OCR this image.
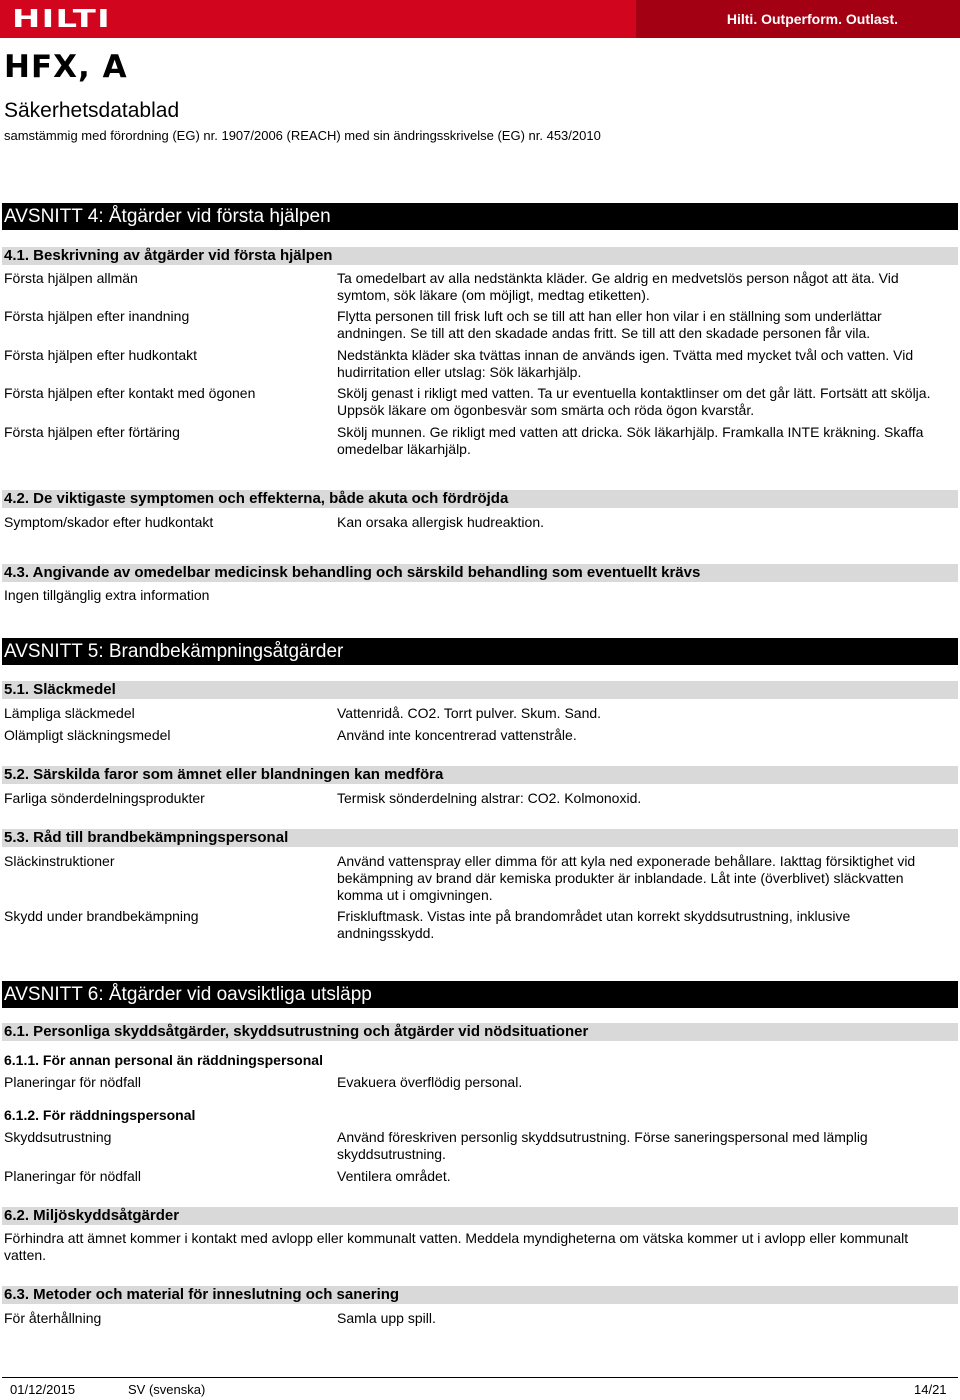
HILTI	Hilti. Outperform. Outlast.
HFX, A
Säkerhetsdatablad
samstämmig med förordning (EG) nr. 1907/2006 (REACH) med sin ändringsskrivelse (EG) nr. 453/2010
AVSNITT 4: Åtgärder vid första hjälpen
4.1. Beskrivning av åtgärder vid första hjälpen
Första hjälpen allmän	Ta omedelbart av alla nedstänkta kläder. Ge aldrig en medvetslös person något att äta. Vid symtom, sök läkare (om möjligt, medtag etiketten).
Första hjälpen efter inandning	Flytta personen till frisk luft och se till att han eller hon vilar i en ställning som underlättar andningen. Se till att den skadade andas fritt. Se till att den skadade personen får vila.
Första hjälpen efter hudkontakt	Nedstänkta kläder ska tvättas innan de används igen. Tvätta med mycket tvål och vatten. Vid hudirritation eller utslag: Sök läkarhjälp.
Första hjälpen efter kontakt med ögonen	Skölj genast i rikligt med vatten. Ta ur eventuella kontaktlinser om det går lätt. Fortsätt att skölja. Uppsök läkare om ögonbesvär som smärta och röda ögon kvarstår.
Första hjälpen efter förtäring	Skölj munnen. Ge rikligt med vatten att dricka. Sök läkarhjälp. Framkalla INTE kräkning. Skaffa omedelbar läkarhjälp.
4.2. De viktigaste symptomen och effekterna, både akuta och fördröjda
Symptom/skador efter hudkontakt	Kan orsaka allergisk hudreaktion.
4.3. Angivande av omedelbar medicinsk behandling och särskild behandling som eventuellt krävs
Ingen tillgänglig extra information
AVSNITT 5: Brandbekämpningsåtgärder
5.1. Släckmedel
Lämpliga släckmedel	Vattenridå. CO2. Torrt pulver. Skum. Sand.
Olämpligt släckningsmedel	Använd inte koncentrerad vattenstråle.
5.2. Särskilda faror som ämnet eller blandningen kan medföra
Farliga sönderdelningsprodukter	Termisk sönderdelning alstrar: CO2. Kolmonoxid.
5.3. Råd till brandbekämpningspersonal
Släckinstruktioner	Använd vattenspray eller dimma för att kyla ned exponerade behållare. Iakttag försiktighet vid bekämpning av brand där kemiska produkter är inblandade. Låt inte (överblivet) släckvatten komma ut i omgivningen.
Skydd under brandbekämpning	Friskluftmask. Vistas inte på brandområdet utan korrekt skyddsutrustning, inklusive andningsskydd.
AVSNITT 6: Åtgärder vid oavsiktliga utsläpp
6.1. Personliga skyddsåtgärder, skyddsutrustning och åtgärder vid nödsituationer
6.1.1. För annan personal än räddningspersonal
Planeringar för nödfall	Evakuera överflödig personal.
6.1.2. För räddningspersonal
Skyddsutrustning	Använd föreskriven personlig skyddsutrustning. Förse saneringspersonal med lämplig skyddsutrustning.
Planeringar för nödfall	Ventilera området.
6.2. Miljöskyddsåtgärder
Förhindra att ämnet kommer i kontakt med avlopp eller kommunalt vatten. Meddela myndigheterna om vätska kommer ut i avlopp eller kommunalt vatten.
6.3. Metoder och material för inneslutning och sanering
För återhållning	Samla upp spill.
01/12/2015	SV (svenska)	14/21
